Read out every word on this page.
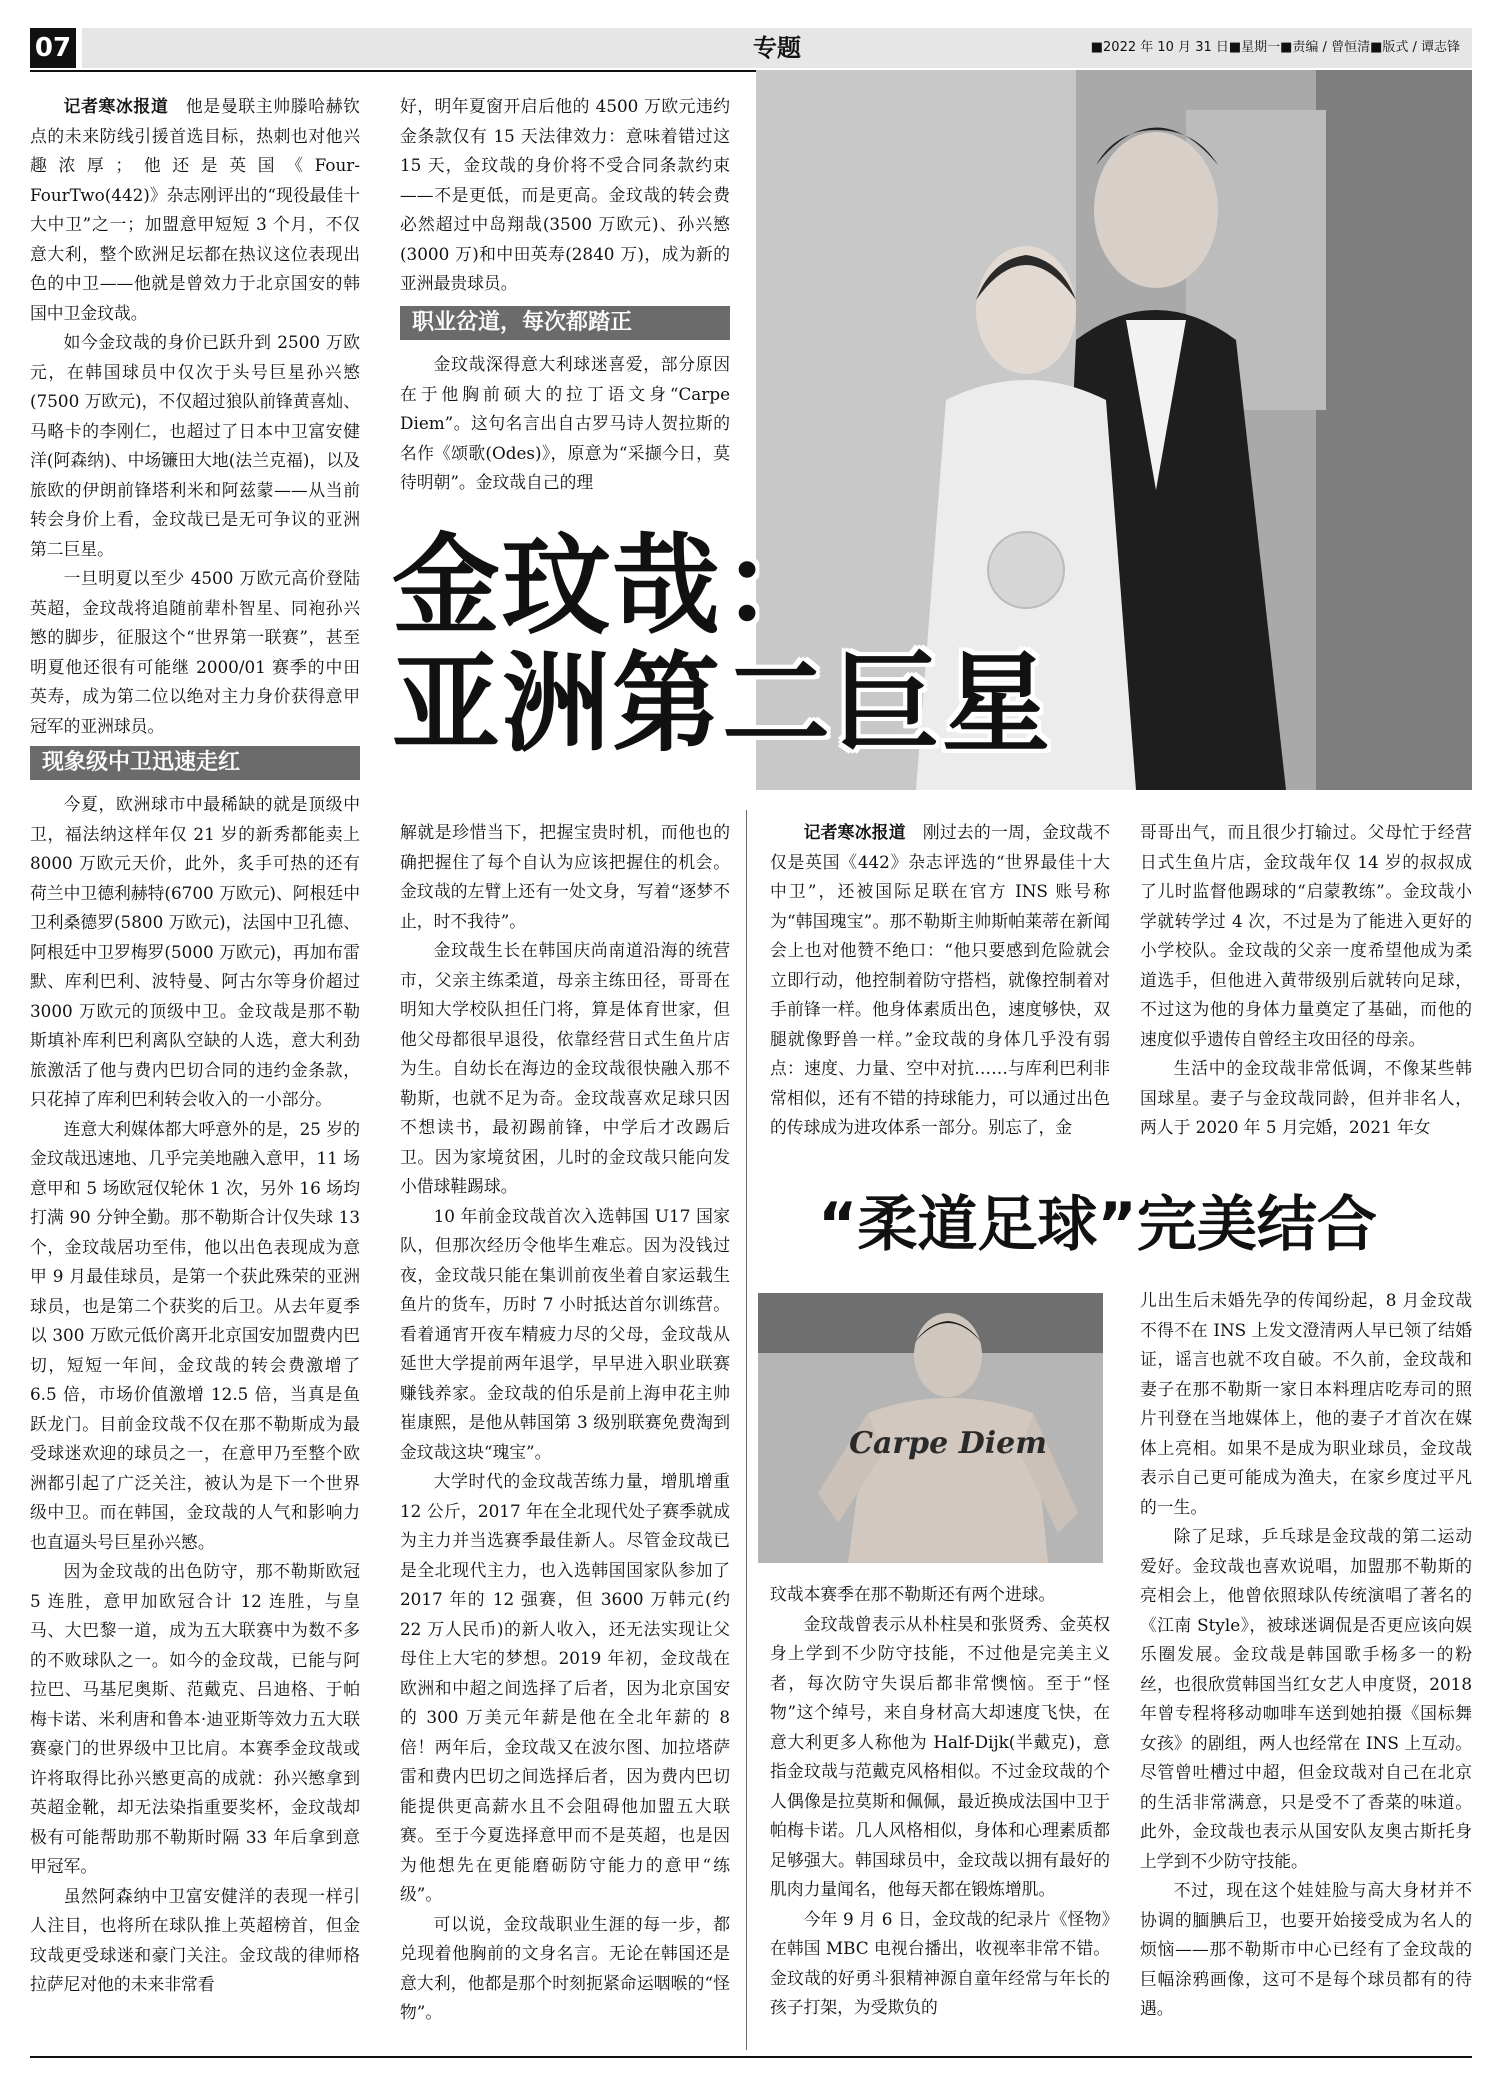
07	专题	■2022 年 10 月 31 日■星期一■责编 / 曾恒清■版式 / 谭志锋
金玟哉：
亚洲第二巨星

记者寒冰报道　 他是曼联主帅滕哈赫钦点的未来防线引援首选目标，热刺也对他兴趣浓厚；他还是英国《Four-FourTwo(442)》杂志刚评出的“现役最佳十大中卫”之一；加盟意甲短短 3 个月，不仅意大利，整个欧洲足坛都在热议这位表现出色的中卫——他就是曾效力于北京国安的韩国中卫金玟哉。

如今金玟哉的身价已跃升到 2500 万欧元，在韩国球员中仅次于头号巨星孙兴慜(7500 万欧元)，不仅超过狼队前锋黄喜灿、马略卡的李刚仁，也超过了日本中卫富安健洋(阿森纳)、中场镰田大地(法兰克福)，以及旅欧的伊朗前锋塔利米和阿兹蒙——从当前转会身价上看，金玟哉已是无可争议的亚洲第二巨星。

一旦明夏以至少 4500 万欧元高价登陆英超，金玟哉将追随前辈朴智星、同袍孙兴慜的脚步，征服这个“世界第一联赛”，甚至明夏他还很有可能继 2000/01 赛季的中田英寿，成为第二位以绝对主力身价获得意甲冠军的亚洲球员。

现象级中卫迅速走红

今夏，欧洲球市中最稀缺的就是顶级中卫，福法纳这样年仅 21 岁的新秀都能卖上 8000 万欧元天价，此外，炙手可热的还有荷兰中卫德利赫特(6700 万欧元)、阿根廷中卫利桑德罗(5800 万欧元)，法国中卫孔德、阿根廷中卫罗梅罗(5000 万欧元)，再加布雷默、库利巴利、波特曼、阿古尔等身价超过 3000 万欧元的顶级中卫。金玟哉是那不勒斯填补库利巴利离队空缺的人选，意大利劲旅激活了他与费内巴切合同的违约金条款，只花掉了库利巴利转会收入的一小部分。

连意大利媒体都大呼意外的是，25 岁的金玟哉迅速地、几乎完美地融入意甲，11 场意甲和 5 场欧冠仅轮休 1 次，另外 16 场均打满 90 分钟全勤。那不勒斯合计仅失球 13 个，金玟哉居功至伟，他以出色表现成为意甲 9 月最佳球员，是第一个获此殊荣的亚洲球员，也是第二个获奖的后卫。从去年夏季以 300 万欧元低价离开北京国安加盟费内巴切，短短一年间，金玟哉的转会费激增了 6.5 倍，市场价值激增 12.5 倍，当真是鱼跃龙门。目前金玟哉不仅在那不勒斯成为最受球迷欢迎的球员之一，在意甲乃至整个欧洲都引起了广泛关注，被认为是下一个世界级中卫。而在韩国，金玟哉的人气和影响力也直逼头号巨星孙兴慜。

因为金玟哉的出色防守，那不勒斯欧冠 5 连胜，意甲加欧冠合计 12 连胜，与皇马、大巴黎一道，成为五大联赛中为数不多的不败球队之一。如今的金玟哉，已能与阿拉巴、马基尼奥斯、范戴克、吕迪格、于帕梅卡诺、米利唐和鲁本·迪亚斯等效力五大联赛豪门的世界级中卫比肩。本赛季金玟哉或许将取得比孙兴慜更高的成就：孙兴慜拿到英超金靴，却无法染指重要奖杯，金玟哉却极有可能帮助那不勒斯时隔 33 年后拿到意甲冠军。

虽然阿森纳中卫富安健洋的表现一样引人注目，也将所在球队推上英超榜首，但金玟哉更受球迷和豪门关注。金玟哉的律师格拉萨尼对他的未来非常看

好，明年夏窗开启后他的 4500 万欧元违约金条款仅有 15 天法律效力：意味着错过这 15 天，金玟哉的身价将不受合同条款约束——不是更低，而是更高。金玟哉的转会费必然超过中岛翔哉(3500 万欧元)、孙兴慜(3000 万)和中田英寿(2840 万)，成为新的亚洲最贵球员。

职业岔道，每次都踏正

金玟哉深得意大利球迷喜爱，部分原因在于他胸前硕大的拉丁语文身“Carpe Diem”。这句名言出自古罗马诗人贺拉斯的名作《颂歌(Odes)》，原意为“采撷今日，莫待明朝”。金玟哉自己的理

解就是珍惜当下，把握宝贵时机，而他也的确把握住了每个自认为应该把握住的机会。金玟哉的左臂上还有一处文身，写着“逐梦不止，时不我待”。

金玟哉生长在韩国庆尚南道沿海的统营市，父亲主练柔道，母亲主练田径，哥哥在明知大学校队担任门将，算是体育世家，但他父母都很早退役，依靠经营日式生鱼片店为生。自幼长在海边的金玟哉很快融入那不勒斯，也就不足为奇。金玟哉喜欢足球只因不想读书，最初踢前锋，中学后才改踢后卫。因为家境贫困，儿时的金玟哉只能向发小借球鞋踢球。

10 年前金玟哉首次入选韩国 U17 国家队，但那次经历令他毕生难忘。因为没钱过夜，金玟哉只能在集训前夜坐着自家运载生鱼片的货车，历时 7 小时抵达首尔训练营。看着通宵开夜车精疲力尽的父母，金玟哉从延世大学提前两年退学，早早进入职业联赛赚钱养家。金玟哉的伯乐是前上海申花主帅崔康熙，是他从韩国第 3 级别联赛免费淘到金玟哉这块“瑰宝”。

大学时代的金玟哉苦练力量，增肌增重 12 公斤，2017 年在全北现代处子赛季就成为主力并当选赛季最佳新人。尽管金玟哉已是全北现代主力，也入选韩国国家队参加了 2017 年的 12 强赛，但 3600 万韩元(约 22 万人民币)的新人收入，还无法实现让父母住上大宅的梦想。2019 年初，金玟哉在欧洲和中超之间选择了后者，因为北京国安的 300 万美元年薪是他在全北年薪的 8 倍！两年后，金玟哉又在波尔图、加拉塔萨雷和费内巴切之间选择后者，因为费内巴切能提供更高薪水且不会阻碍他加盟五大联赛。至于今夏选择意甲而不是英超，也是因为他想先在更能磨砺防守能力的意甲“练级”。

可以说，金玟哉职业生涯的每一步，都兑现着他胸前的文身名言。无论在韩国还是意大利，他都是那个时刻扼紧命运咽喉的“怪物”。

记者寒冰报道　 刚过去的一周，金玟哉不仅是英国《442》杂志评选的“世界最佳十大中卫”，还被国际足联在官方 INS 账号称为“韩国瑰宝”。那不勒斯主帅斯帕莱蒂在新闻会上也对他赞不绝口：“他只要感到危险就会立即行动，他控制着防守搭档，就像控制着对手前锋一样。他身体素质出色，速度够快，双腿就像野兽一样。”金玟哉的身体几乎没有弱点：速度、力量、空中对抗……与库利巴利非常相似，还有不错的持球能力，可以通过出色的传球成为进攻体系一部分。别忘了，金

哥哥出气，而且很少打输过。父母忙于经营日式生鱼片店，金玟哉年仅 14 岁的叔叔成了儿时监督他踢球的“启蒙教练”。金玟哉小学就转学过 4 次，不过是为了能进入更好的小学校队。金玟哉的父亲一度希望他成为柔道选手，但他进入黄带级别后就转向足球，不过这为他的身体力量奠定了基础，而他的速度似乎遗传自曾经主攻田径的母亲。

生活中的金玟哉非常低调，不像某些韩国球星。妻子与金玟哉同龄，但并非名人，两人于 2020 年 5 月完婚，2021 年女

“柔道足球”完美结合
Carpe Diem

玟哉本赛季在那不勒斯还有两个进球。

金玟哉曾表示从朴柱昊和张贤秀、金英权身上学到不少防守技能，不过他是完美主义者，每次防守失误后都非常懊恼。至于“怪物”这个绰号，来自身材高大却速度飞快，在意大利更多人称他为 Half-Dijk(半戴克)，意指金玟哉与范戴克风格相似。不过金玟哉的个人偶像是拉莫斯和佩佩，最近换成法国中卫于帕梅卡诺。几人风格相似，身体和心理素质都足够强大。韩国球员中，金玟哉以拥有最好的肌肉力量闻名，他每天都在锻炼增肌。

今年 9 月 6 日，金玟哉的纪录片《怪物》在韩国 MBC 电视台播出，收视率非常不错。金玟哉的好勇斗狠精神源自童年经常与年长的孩子打架，为受欺负的

儿出生后未婚先孕的传闻纷起，8 月金玟哉不得不在 INS 上发文澄清两人早已领了结婚证，谣言也就不攻自破。不久前，金玟哉和妻子在那不勒斯一家日本料理店吃寿司的照片刊登在当地媒体上，他的妻子才首次在媒体上亮相。如果不是成为职业球员，金玟哉表示自己更可能成为渔夫，在家乡度过平凡的一生。

除了足球，乒乓球是金玟哉的第二运动爱好。金玟哉也喜欢说唱，加盟那不勒斯的亮相会上，他曾依照球队传统演唱了著名的《江南 Style》，被球迷调侃是否更应该向娱乐圈发展。金玟哉是韩国歌手杨多一的粉丝，也很欣赏韩国当红女艺人申度贤，2018 年曾专程将移动咖啡车送到她拍摄《国标舞女孩》的剧组，两人也经常在 INS 上互动。尽管曾吐槽过中超，但金玟哉对自己在北京的生活非常满意，只是受不了香菜的味道。此外，金玟哉也表示从国安队友奥古斯托身上学到不少防守技能。

不过，现在这个娃娃脸与高大身材并不协调的腼腆后卫，也要开始接受成为名人的烦恼——那不勒斯市中心已经有了金玟哉的巨幅涂鸦画像，这可不是每个球员都有的待遇。
